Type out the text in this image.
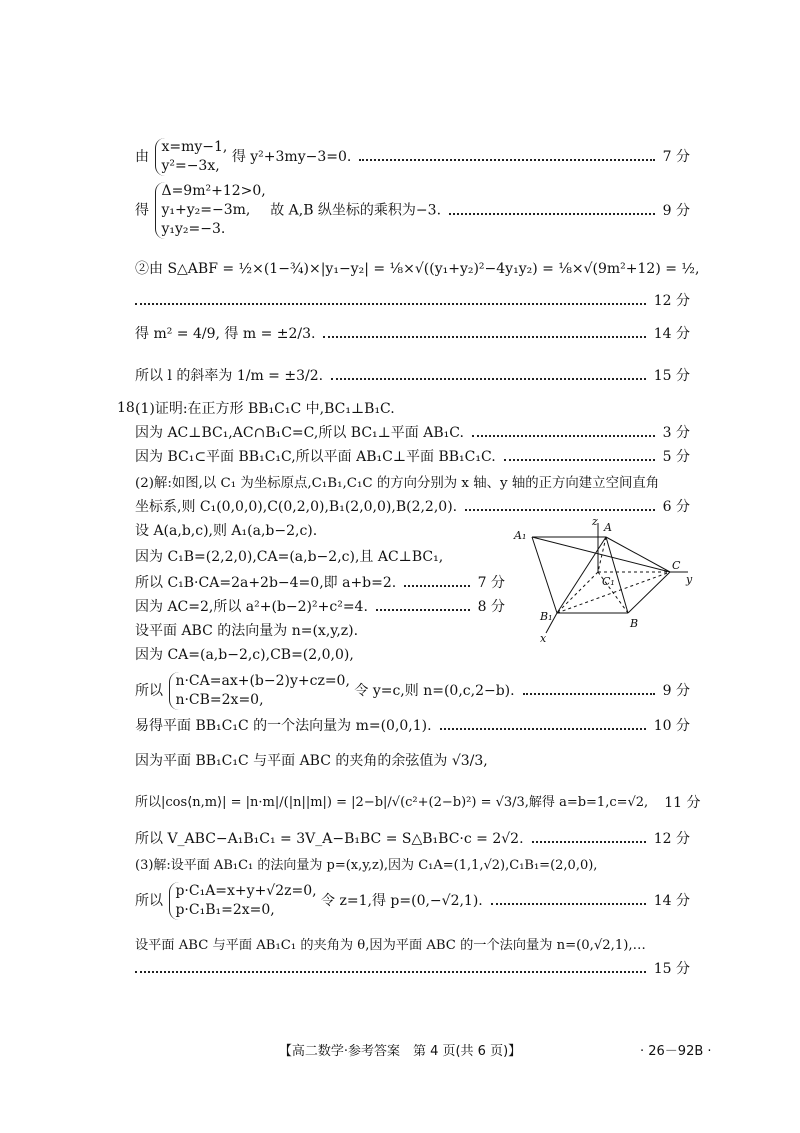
由 x=my−1,
y²=−3x, 得 y²+3my−3=0.	7 分
得 Δ=9m²+12>0,
y₁+y₂=−3m,
y₁y₂=−3. 故 A,B 纵坐标的乘积为−3.	9 分
②由 S△ABF = ½×(1−¾)×|y₁−y₂| = ⅛×√((y₁+y₂)²−4y₁y₂) = ⅛×√(9m²+12) = ½,
12 分
得 m² = 4/9, 得 m = ±2/3.	14 分
所以 l 的斜率为 1/m = ±3/2.	15 分
18.
(1)证明:在正方形 BB₁C₁C 中,BC₁⊥B₁C.
因为 AC⊥BC₁,AC∩B₁C=C,所以 BC₁⊥平面 AB₁C.	3 分
因为 BC₁⊂平面 BB₁C₁C,所以平面 AB₁C⊥平面 BB₁C₁C.	5 分
(2)解:如图,以 C₁ 为坐标原点,C₁B₁,C₁C 的方向分别为 x 轴、y 轴的正方向建立空间直角
坐标系,则 C₁(0,0,0),C(0,2,0),B₁(2,0,0),B(2,2,0).	6 分
设 A(a,b,c),则 A₁(a,b−2,c).
因为 C₁B=(2,2,0),CA=(a,b−2,c),且 AC⊥BC₁,
所以 C₁B·CA=2a+2b−4=0,即 a+b=2.	7 分
因为 AC=2,所以 a²+(b−2)²+c²=4.	8 分
设平面 ABC 的法向量为 n=(x,y,z).
因为 CA=(a,b−2,c),CB=(2,0,0),
所以 n·CA=ax+(b−2)y+cz=0,
n·CB=2x=0, 令 y=c,则 n=(0,c,2−b).	9 分
易得平面 BB₁C₁C 的一个法向量为 m=(0,0,1).	10 分
因为平面 BB₁C₁C 与平面 ABC 的夹角的余弦值为 √3/3,
所以|cos⟨n,m⟩| = |n·m|/(|n||m|) = |2−b|/√(c²+(2−b)²) = √3/3,解得 a=b=1,c=√2, 11 分
所以 V_ABC−A₁B₁C₁ = 3V_A−B₁BC = S△B₁BC·c = 2√2.	12 分
(3)解:设平面 AB₁C₁ 的法向量为 p=(x,y,z),因为 C₁A=(1,1,√2),C₁B₁=(2,0,0),
所以 p·C₁A=x+y+√2z=0,
p·C₁B₁=2x=0, 令 z=1,得 p=(0,−√2,1).	14 分
设平面 ABC 与平面 AB₁C₁ 的夹角为 θ,因为平面 ABC 的一个法向量为 n=(0,√2,1),…
15 分
A₁
A
C₁
C
B₁
B
z
y
x
【高二数学·参考答案　第 4 页(共 6 页)】	· 26－92B ·
